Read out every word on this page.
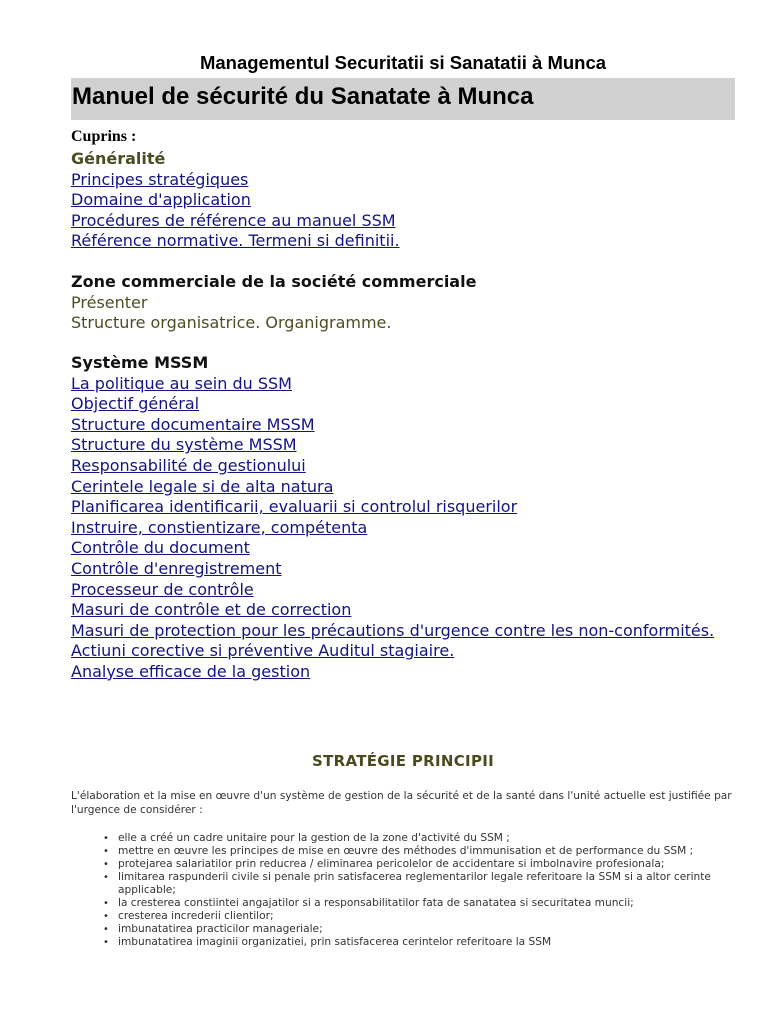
Managementul Securitatii si Sanatatii à Munca
Manuel de sécurité du Sanatate à Munca
Cuprins :
Généralité
Principes stratégiques
Domaine d'application
Procédures de référence au manuel SSM
Référence normative. Termeni si definitii.
Zone commerciale de la société commerciale
Présenter
Structure organisatrice. Organigramme.
Système MSSM
La politique au sein du SSM
Objectif général
Structure documentaire MSSM
Structure du système MSSM
Responsabilité de gestionului
Cerintele legale si de alta natura
Planificarea identificarii, evaluarii si controlul risquerilor
Instruire, constientizare, compétenta
Contrôle du document
Contrôle d'enregistrement
Processeur de contrôle
Masuri de contrôle et de correction
Masuri de protection pour les précautions d'urgence contre les non-conformités. Actiuni corective si préventive Auditul stagiaire.
Analyse efficace de la gestion
STRATÉGIE PRINCIPII
L'élaboration et la mise en œuvre d'un système de gestion de la sécurité et de la santé dans l'unité actuelle est justifiée par l'urgence de considérer :
• elle a créé un cadre unitaire pour la gestion de la zone d'activité du SSM ;
• mettre en œuvre les principes de mise en œuvre des méthodes d'immunisation et de performance du SSM ;
• protejarea salariatilor prin reducrea / eliminarea pericolelor de accidentare si imbolnavire profesionala;
• limitarea raspunderii civile si penale prin satisfacerea reglementarilor legale referitoare la SSM si a altor cerinte applicable;
• la cresterea constiintei angajatilor si a responsabilitatilor fata de sanatatea si securitatea muncii;
• cresterea increderii clientilor;
• imbunatatirea practicilor manageriale;
• imbunatatirea imaginii organizatiei, prin satisfacerea cerintelor referitoare la SSM
